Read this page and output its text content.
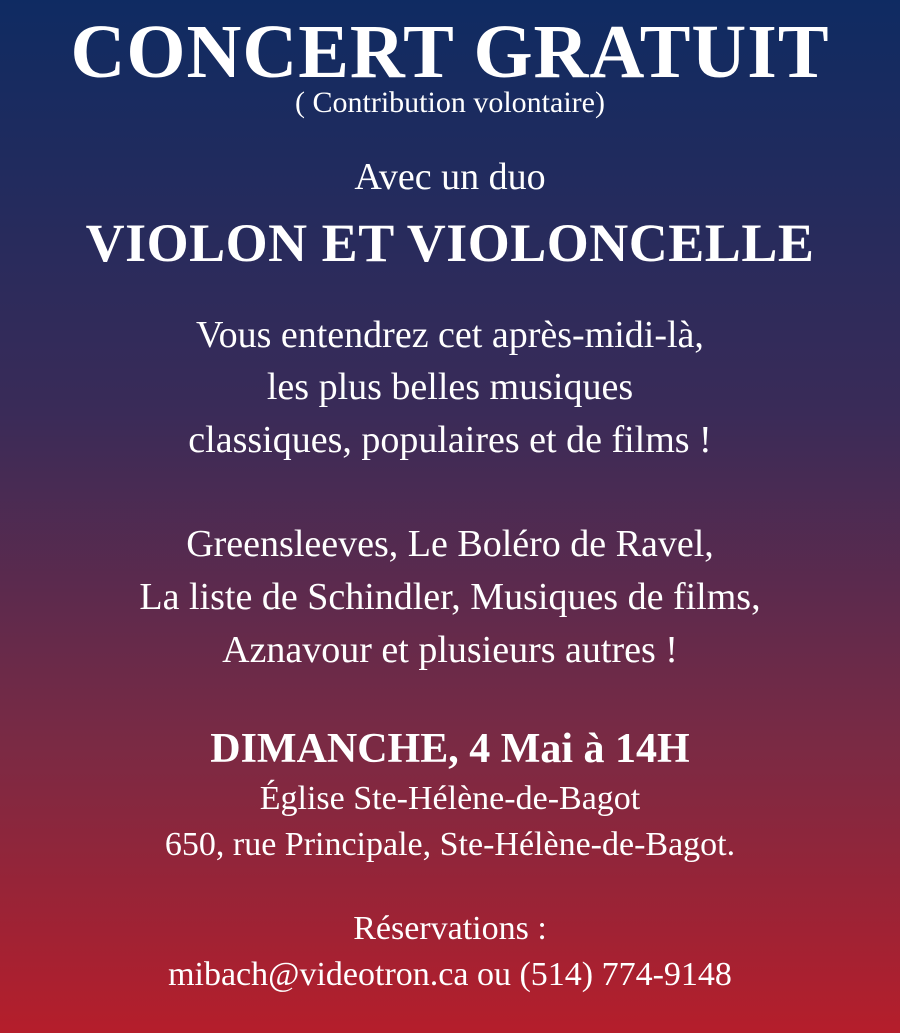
CONCERT GRATUIT
( Contribution volontaire)
Avec un duo
VIOLON ET VIOLONCELLE
Vous entendrez cet après-midi-là,
les plus belles musiques
classiques, populaires et de films !
Greensleeves, Le Boléro de Ravel,
La liste de Schindler, Musiques de films,
Aznavour et plusieurs autres !
DIMANCHE, 4 Mai à 14H
Église Ste-Hélène-de-Bagot
650, rue Principale, Ste-Hélène-de-Bagot.
Réservations :
mibach@videotron.ca ou (514) 774-9148
